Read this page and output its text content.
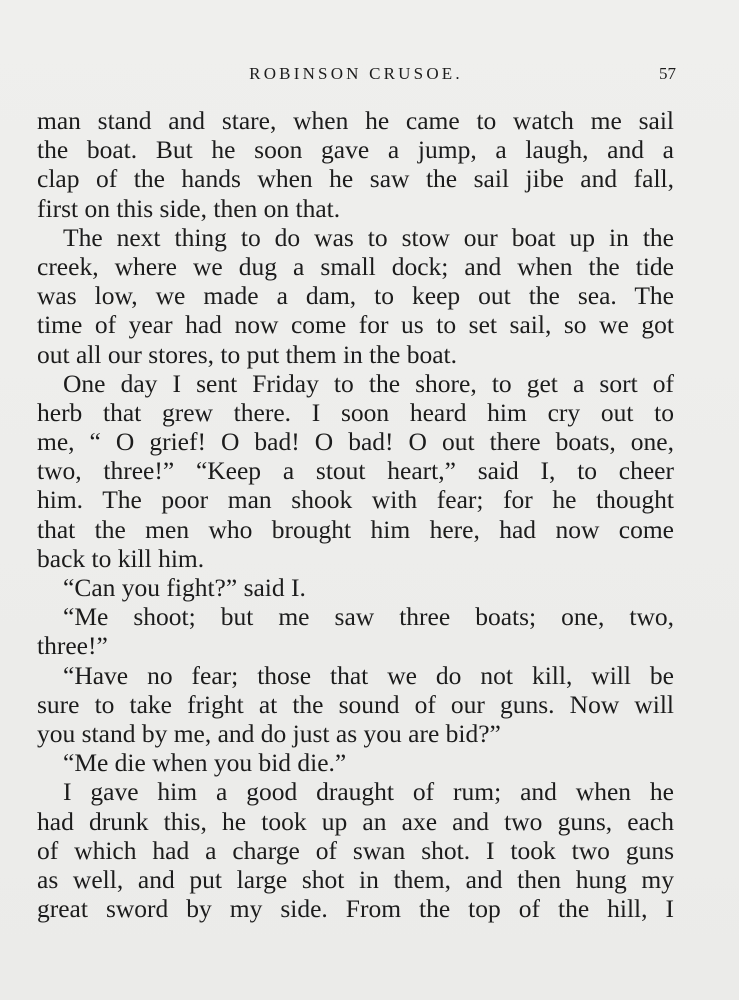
ROBINSON CRUSOE.	57
man stand and stare, when he came to watch me sail
the boat. But he soon gave a jump, a laugh, and a
clap of the hands when he saw the sail jibe and fall,
first on this side, then on that.
The next thing to do was to stow our boat up in the
creek, where we dug a small dock; and when the tide
was low, we made a dam, to keep out the sea. The
time of year had now come for us to set sail, so we got
out all our stores, to put them in the boat.
One day I sent Friday to the shore, to get a sort of
herb that grew there. I soon heard him cry out to
me, “ O grief! O bad! O bad! O out there boats, one,
two, three!” “Keep a stout heart,” said I, to cheer
him. The poor man shook with fear; for he thought
that the men who brought him here, had now come
back to kill him.
“Can you fight?” said I.
“Me shoot; but me saw three boats; one, two,
three!”
“Have no fear; those that we do not kill, will be
sure to take fright at the sound of our guns. Now will
you stand by me, and do just as you are bid?”
“Me die when you bid die.”
I gave him a good draught of rum; and when he
had drunk this, he took up an axe and two guns, each
of which had a charge of swan shot. I took two guns
as well, and put large shot in them, and then hung my
great sword by my side. From the top of the hill, I
